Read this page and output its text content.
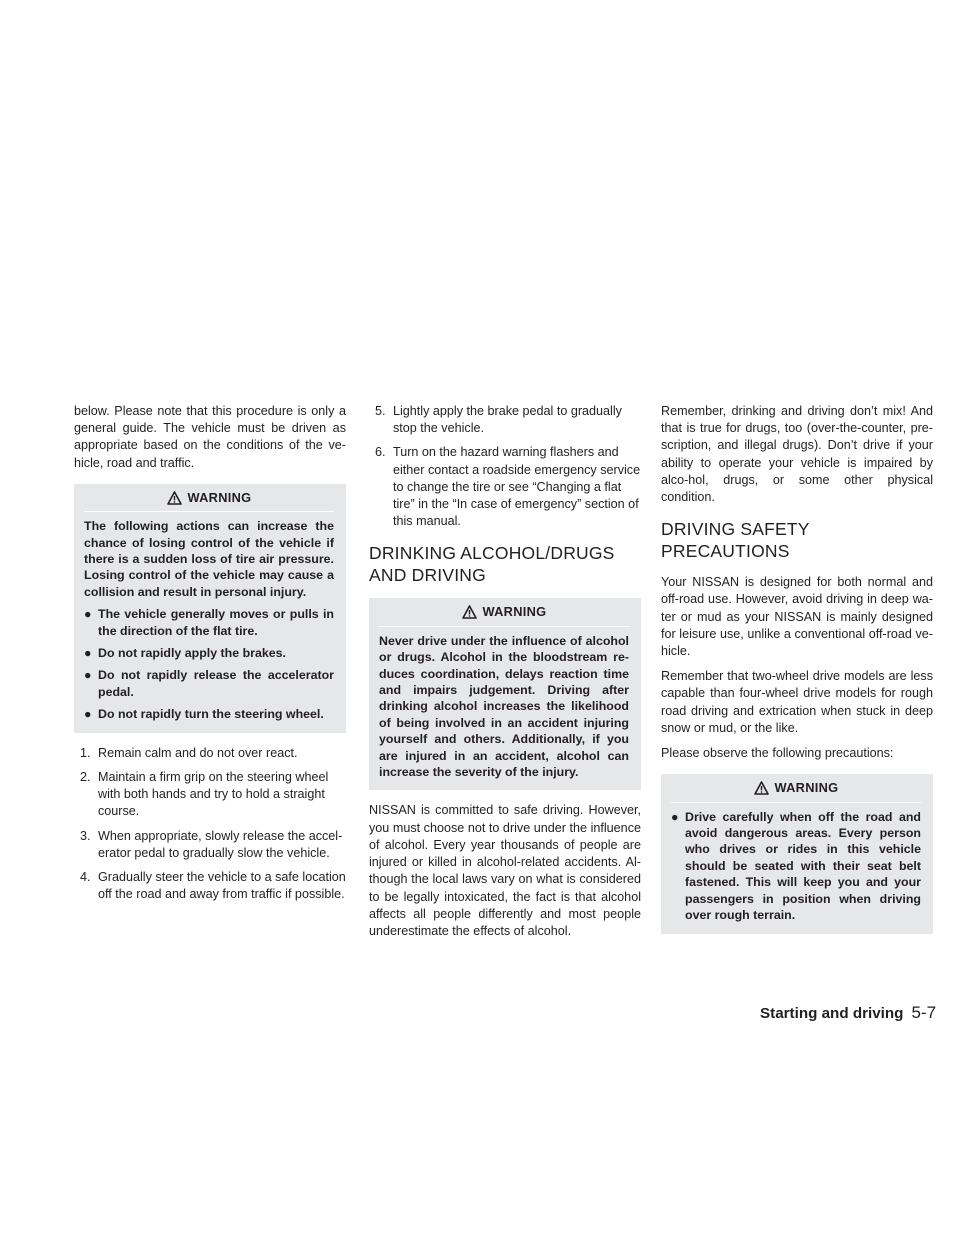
below. Please note that this procedure is only a general guide. The vehicle must be driven as appropriate based on the conditions of the ve-hicle, road and traffic.

WARNING
The following actions can increase the chance of losing control of the vehicle if there is a sudden loss of tire air pressure. Losing control of the vehicle may cause a collision and result in personal injury.
● The vehicle generally moves or pulls in the direction of the flat tire.
● Do not rapidly apply the brakes.
● Do not rapidly release the accelerator pedal.
● Do not rapidly turn the steering wheel.
1. Remain calm and do not over react.
2. Maintain a firm grip on the steering wheel with both hands and try to hold a straight course.
3. When appropriate, slowly release the accel-erator pedal to gradually slow the vehicle.
4. Gradually steer the vehicle to a safe location off the road and away from traffic if possible.
5. Lightly apply the brake pedal to gradually stop the vehicle.
6. Turn on the hazard warning flashers and either contact a roadside emergency service to change the tire or see “Changing a flat tire” in the “In case of emergency” section of this manual.
DRINKING ALCOHOL/DRUGS AND DRIVING
WARNING
Never drive under the influence of alcohol or drugs. Alcohol in the bloodstream re-duces coordination, delays reaction time and impairs judgement. Driving after drinking alcohol increases the likelihood of being involved in an accident injuring yourself and others. Additionally, if you are injured in an accident, alcohol can increase the severity of the injury.

NISSAN is committed to safe driving. However, you must choose not to drive under the influence of alcohol. Every year thousands of people are injured or killed in alcohol-related accidents. Al-though the local laws vary on what is considered to be legally intoxicated, the fact is that alcohol affects all people differently and most people underestimate the effects of alcohol.

Remember, drinking and driving don’t mix! And that is true for drugs, too (over-the-counter, pre-scription, and illegal drugs). Don’t drive if your ability to operate your vehicle is impaired by alco-hol, drugs, or some other physical condition.

DRIVING SAFETY PRECAUTIONS

Your NISSAN is designed for both normal and off-road use. However, avoid driving in deep wa-ter or mud as your NISSAN is mainly designed for leisure use, unlike a conventional off-road ve-hicle.

Remember that two-wheel drive models are less capable than four-wheel drive models for rough road driving and extrication when stuck in deep snow or mud, or the like.

Please observe the following precautions:

WARNING
● Drive carefully when off the road and avoid dangerous areas. Every person who drives or rides in this vehicle should be seated with their seat belt fastened. This will keep you and your passengers in position when driving over rough terrain.
Starting and driving 5-7
